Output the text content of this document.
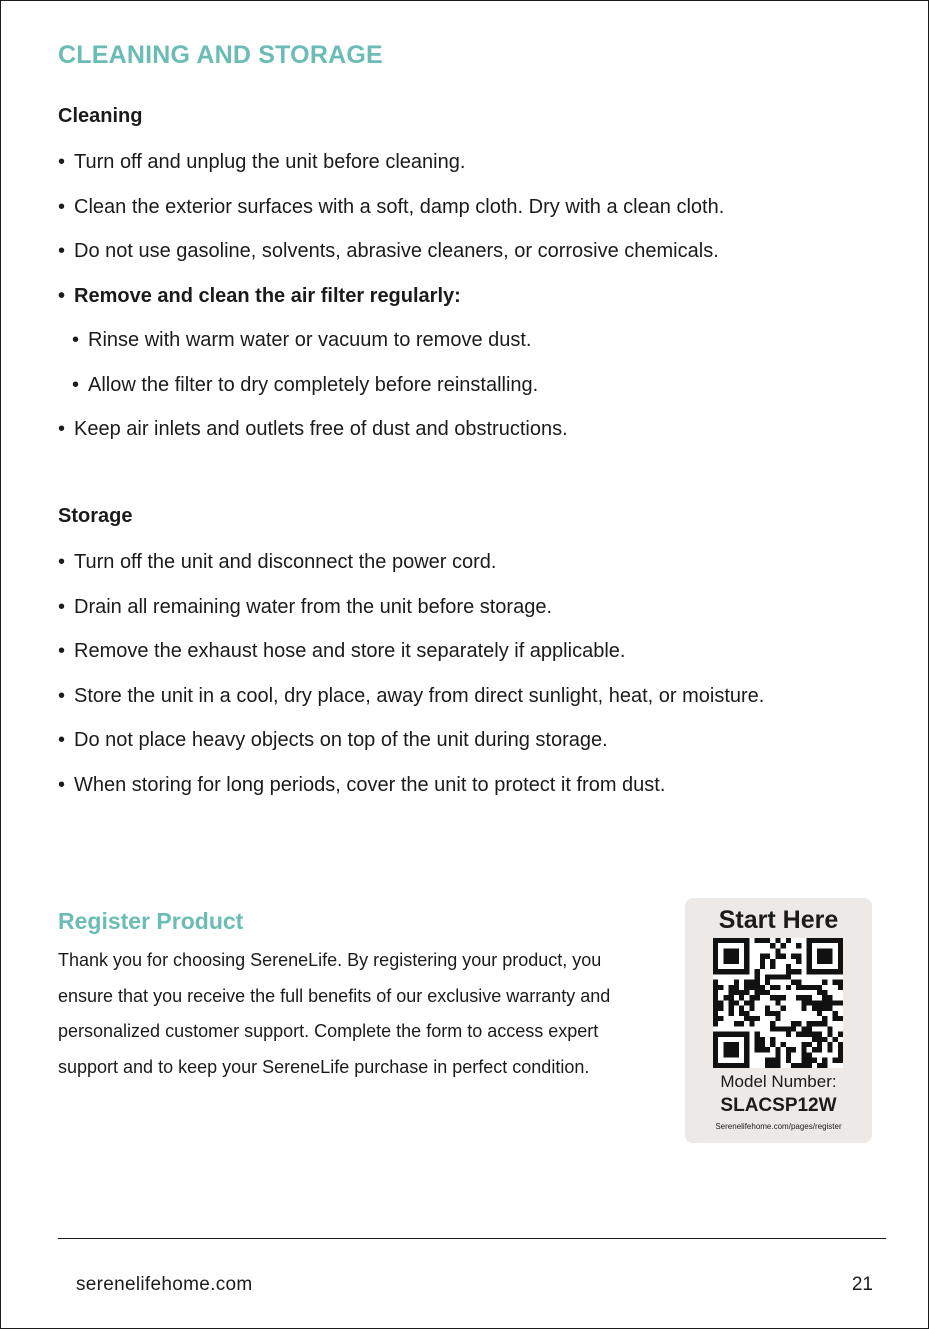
CLEANING AND STORAGE
Cleaning
• Turn off and unplug the unit before cleaning.
• Clean the exterior surfaces with a soft, damp cloth. Dry with a clean cloth.
• Do not use gasoline, solvents, abrasive cleaners, or corrosive chemicals.
• Remove and clean the air filter regularly:
• Rinse with warm water or vacuum to remove dust.
• Allow the filter to dry completely before reinstalling.
• Keep air inlets and outlets free of dust and obstructions.
Storage
• Turn off the unit and disconnect the power cord.
• Drain all remaining water from the unit before storage.
• Remove the exhaust hose and store it separately if applicable.
• Store the unit in a cool, dry place, away from direct sunlight, heat, or moisture.
• Do not place heavy objects on top of the unit during storage.
• When storing for long periods, cover the unit to protect it from dust.
Register Product

Thank you for choosing SereneLife. By registering your product, you ensure that you receive the full benefits of our exclusive warranty and personalized customer support. Complete the form to access expert support and to keep your SereneLife purchase in perfect condition.

Start Here
Model Number:
SLACSP12W
Serenelifehome.com/pages/register
serenelifehome.com	21
